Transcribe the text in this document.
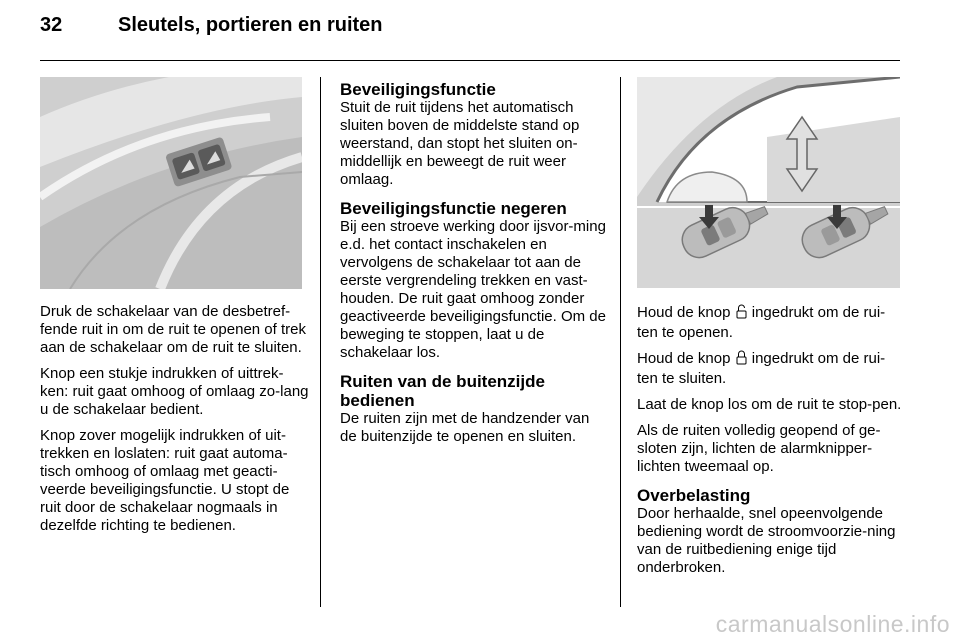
32	Sleutels, portieren en ruiten

Druk de schakelaar van de desbetref-fende ruit in om de ruit te openen of trek aan de schakelaar om de ruit te sluiten.

Knop een stukje indrukken of uittrek-ken: ruit gaat omhoog of omlaag zo-lang u de schakelaar bedient.

Knop zover mogelijk indrukken of uit-trekken en loslaten: ruit gaat automa-tisch omhoog of omlaag met geacti-veerde beveiligingsfunctie. U stopt de ruit door de schakelaar nogmaals in dezelfde richting te bedienen.

Beveiligingsfunctie

Stuit de ruit tijdens het automatisch sluiten boven de middelste stand op weerstand, dan stopt het sluiten on-middellijk en beweegt de ruit weer omlaag.

Beveiligingsfunctie negeren

Bij een stroeve werking door ijsvor-ming e.d. het contact inschakelen en vervolgens de schakelaar tot aan de eerste vergrendeling trekken en vast-houden. De ruit gaat omhoog zonder geactiveerde beveiligingsfunctie. Om de beweging te stoppen, laat u de schakelaar los.

Ruiten van de buitenzijde bedienen

De ruiten zijn met de handzender van de buitenzijde te openen en sluiten.

Houd de knop  ingedrukt om de rui-ten te openen.

Houd de knop  ingedrukt om de rui-ten te sluiten.

Laat de knop los om de ruit te stop-pen.

Als de ruiten volledig geopend of ge-sloten zijn, lichten de alarmknipper-lichten tweemaal op.

Overbelasting

Door herhaalde, snel opeenvolgende bediening wordt de stroomvoorzie-ning van de ruitbediening enige tijd onderbroken.

carmanualsonline.info
